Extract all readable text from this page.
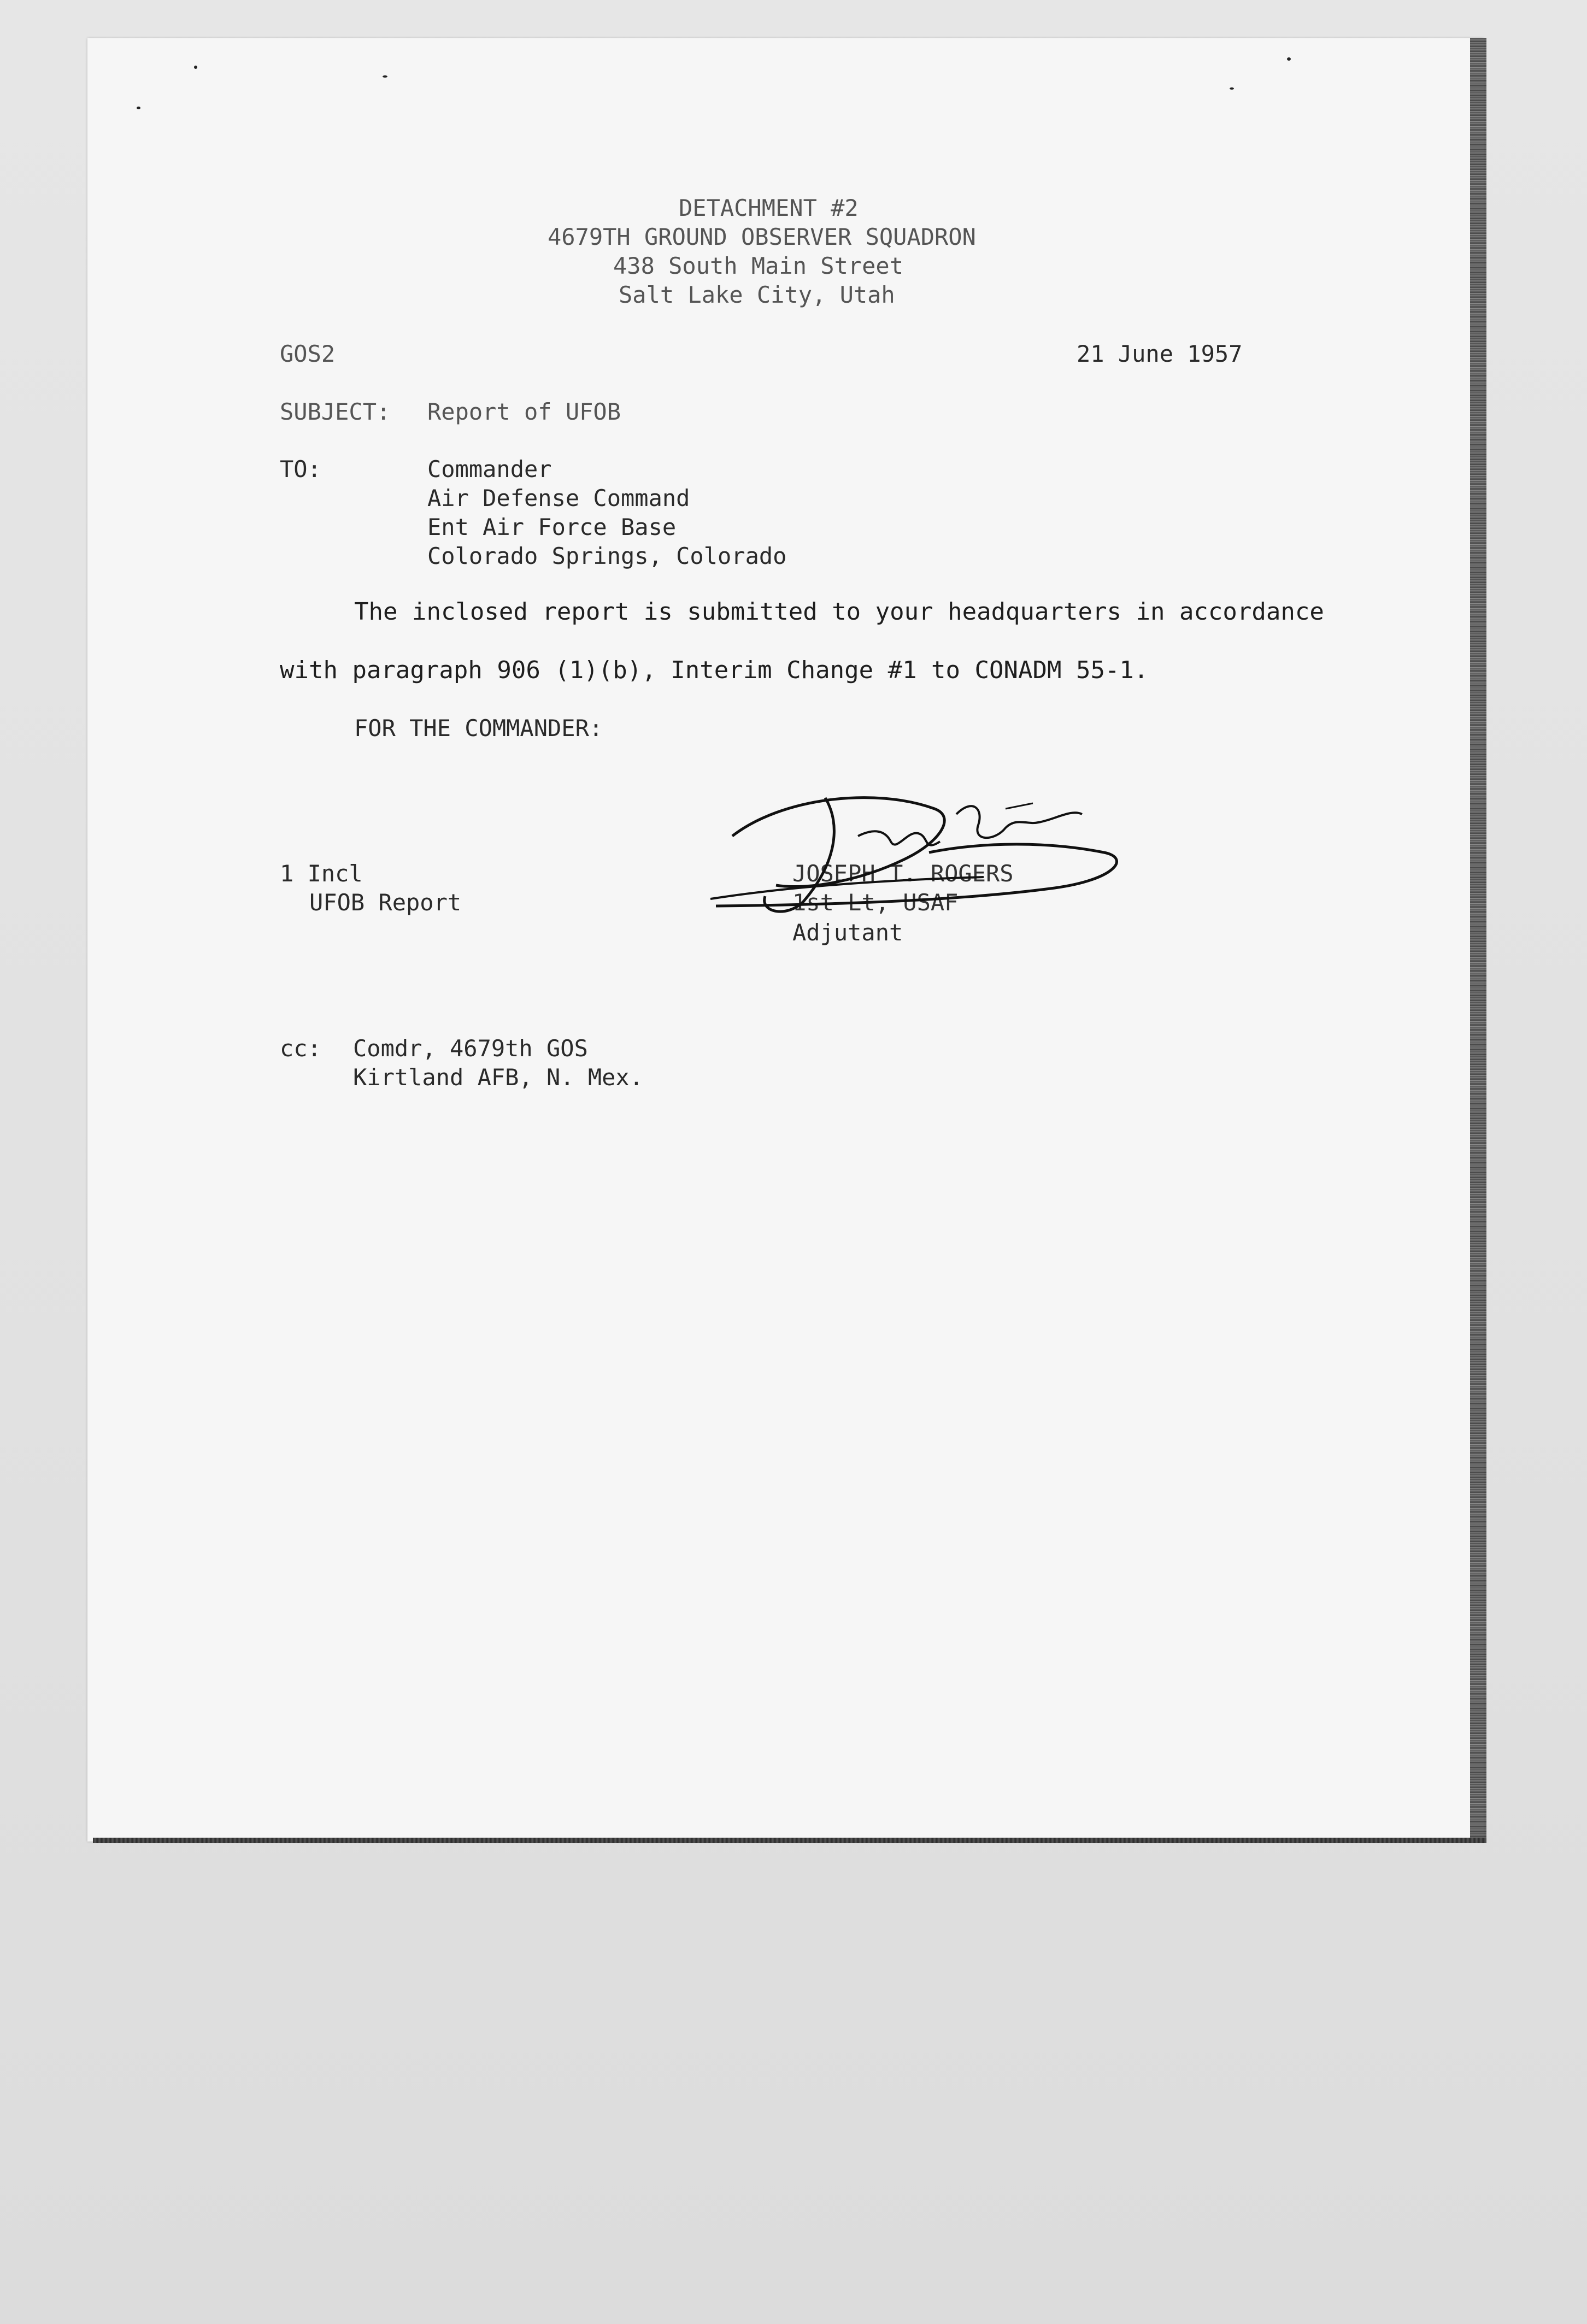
DETACHMENT #2
4679TH GROUND OBSERVER SQUADRON
438 South Main Street
Salt Lake City, Utah
GOS2	21 June 1957
SUBJECT: Report of UFOB
TO:	Commander
Air Defense Command
Ent Air Force Base
Colorado Springs, Colorado
The inclosed report is submitted to your headquarters in accordance
with paragraph 906 (1)(b), Interim Change #1 to CONADM 55-1.
FOR THE COMMANDER:
1 Incl
UFOB Report
JOSEPH T. ROGERS
1st Lt, USAF
Adjutant
cc: Comdr, 4679th GOS
Kirtland AFB, N. Mex.
